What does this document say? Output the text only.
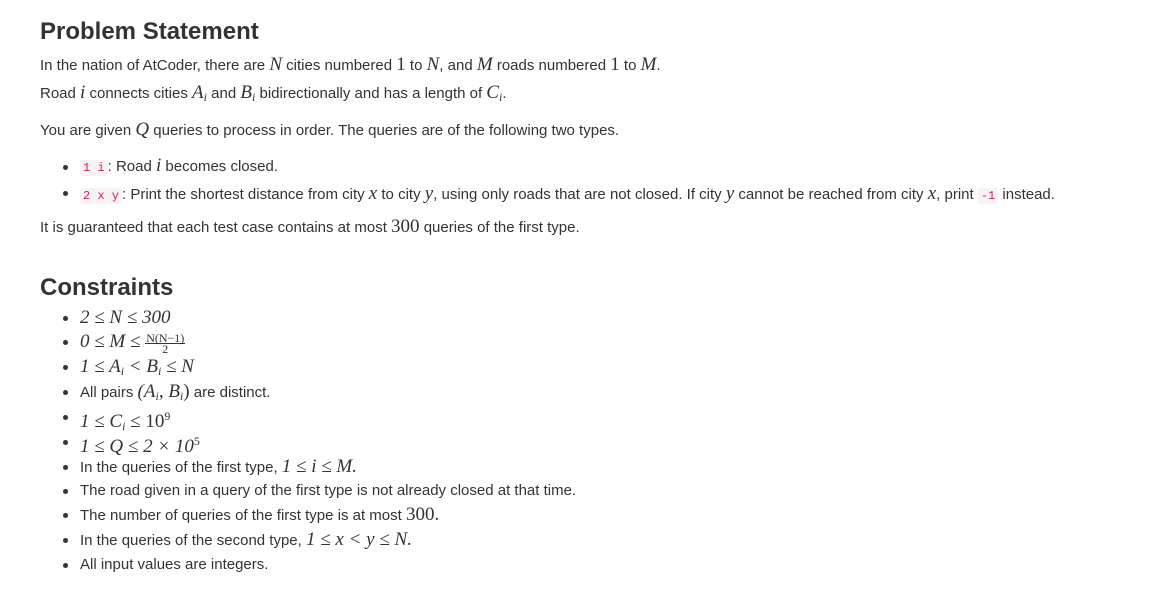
Problem Statement

In the nation of AtCoder, there are N cities numbered 1 to N, and M roads numbered 1 to M.

Road i connects cities $A_i$ and $B_i$ bidirectionally and has a length of $C_i$.

You are given Q queries to process in order. The queries are of the following two types.

1 i : Road i becomes closed.
2 x y : Print the shortest distance from city x to city y, using only roads that are not closed. If city y cannot be reached from city x, print -1 instead.

It is guaranteed that each test case contains at most 300 queries of the first type.

Constraints
2 ≤ N ≤ 300
$0 \le M \le \frac{N(N-1)}{2}$
$1 \le A_i < B_i \le N$
All pairs ($A_i$, $B_i$) are distinct.
$1 \le C_i \le 10^9$
$1 \le Q \le 2 \times 10^5$
In the queries of the first type, 1 ≤ i ≤ M.
The road given in a query of the first type is not already closed at that time.
The number of queries of the first type is at most 300.
In the queries of the second type, 1 ≤ x < y ≤ N.
All input values are integers.
